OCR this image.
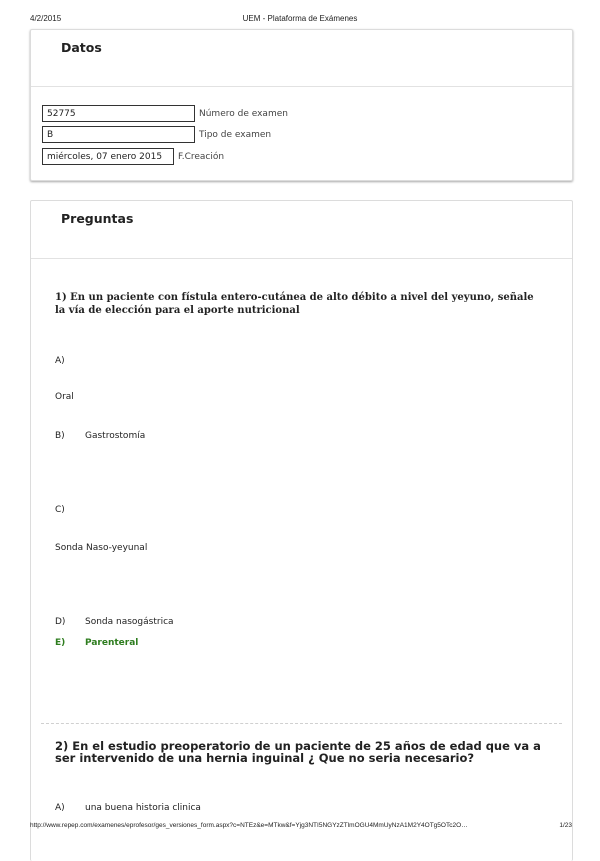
4/2/2015	UEM - Plataforma de Exámenes
Datos
52775	Número de examen
B	Tipo de examen
miércoles, 07 enero 2015	F.Creación
Preguntas
1) En un paciente con fístula entero-cutánea de alto débito a nivel del yeyuno, señale la vía de elección para el aporte nutricional
A)
Oral
B) Gastrostomía
C)
Sonda Naso-yeyunal
D) Sonda nasogástrica
E) Parenteral
2) En el estudio preoperatorio de un paciente de 25 años de edad que va a ser intervenido de una hernia inguinal ¿ Que no seria necesario?
A) una buena historia clinica
http://www.repep.com/examenes/eprofesor/ges_versiones_form.aspx?c=NTEz&e=MTkw&f=Yjg3NTI5NGYzZTlmOGU4MmUyNzA1M2Y4OTg5OTc2O…	1/23
